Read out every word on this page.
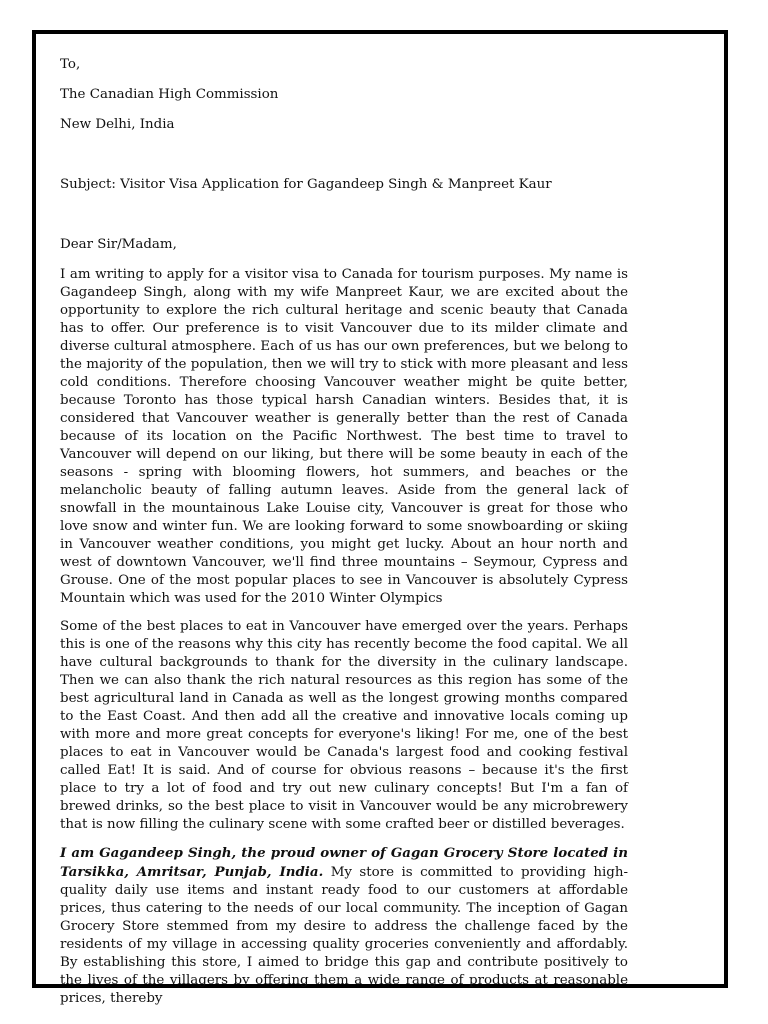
To,

The Canadian High Commission

New Delhi, India

Subject: Visitor Visa Application for Gagandeep Singh & Manpreet Kaur

Dear Sir/Madam,

I am writing to apply for a visitor visa to Canada for tourism purposes. My name is Gagandeep Singh, along with my wife Manpreet Kaur, we are excited about the opportunity to explore the rich cultural heritage and scenic beauty that Canada has to offer. Our preference is to visit Vancouver due to its milder climate and diverse cultural atmosphere. Each of us has our own preferences, but we belong to the majority of the population, then we will try to stick with more pleasant and less cold conditions. Therefore choosing Vancouver weather might be quite better, because Toronto has those typical harsh Canadian winters. Besides that, it is considered that Vancouver weather is generally better than the rest of Canada because of its location on the Pacific Northwest. The best time to travel to Vancouver will depend on our liking, but there will be some beauty in each of the seasons - spring with blooming flowers, hot summers, and beaches or the melancholic beauty of falling autumn leaves. Aside from the general lack of snowfall in the mountainous Lake Louise city, Vancouver is great for those who love snow and winter fun. We are looking forward to some snowboarding or skiing in Vancouver weather conditions, you might get lucky. About an hour north and west of downtown Vancouver, we'll find three mountains – Seymour, Cypress and Grouse. One of the most popular places to see in Vancouver is absolutely Cypress Mountain which was used for the 2010 Winter Olympics

Some of the best places to eat in Vancouver have emerged over the years. Perhaps this is one of the reasons why this city has recently become the food capital. We all have cultural backgrounds to thank for the diversity in the culinary landscape. Then we can also thank the rich natural resources as this region has some of the best agricultural land in Canada as well as the longest growing months compared to the East Coast. And then add all the creative and innovative locals coming up with more and more great concepts for everyone's liking! For me, one of the best places to eat in Vancouver would be Canada's largest food and cooking festival called Eat! It is said. And of course for obvious reasons – because it's the first place to try a lot of food and try out new culinary concepts! But I'm a fan of brewed drinks, so the best place to visit in Vancouver would be any microbrewery that is now filling the culinary scene with some crafted beer or distilled beverages.

I am Gagandeep Singh, the proud owner of Gagan Grocery Store located in Tarsikka, Amritsar, Punjab, India. My store is committed to providing high-quality daily use items and instant ready food to our customers at affordable prices, thus catering to the needs of our local community. The inception of Gagan Grocery Store stemmed from my desire to address the challenge faced by the residents of my village in accessing quality groceries conveniently and affordably. By establishing this store, I aimed to bridge this gap and contribute positively to the lives of the villagers by offering them a wide range of products at reasonable prices, thereby
